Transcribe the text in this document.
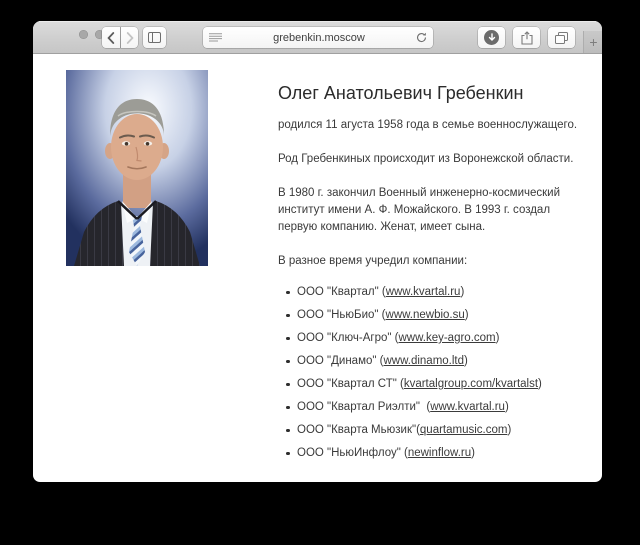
grebenkin.moscow	+
Олег Анатольевич Гребенкин

родился 11 агуста 1958 года в семье военнослужащего.

Род Гребенкиных происходит из Воронежской области.

В 1980 г. закончил Военный инженерно-космический институт имени А. Ф. Можайского. В 1993 г. создал первую компанию. Женат, имеет сына.

В разное время учредил компании:

ООО "Квартал" (www.kvartal.ru)
ООО "НьюБио" (www.newbio.su)
ООО "Ключ-Агро" (www.key-agro.com)
ООО "Динамо" (www.dinamo.ltd)
ООО "Квартал СТ" (kvartalgroup.com/kvartalst)
ООО "Квартал Риэлти"  (www.kvartal.ru)
ООО "Кварта Мьюзик"(quartamusic.com)
ООО "НьюИнфлоу" (newinflow.ru)
